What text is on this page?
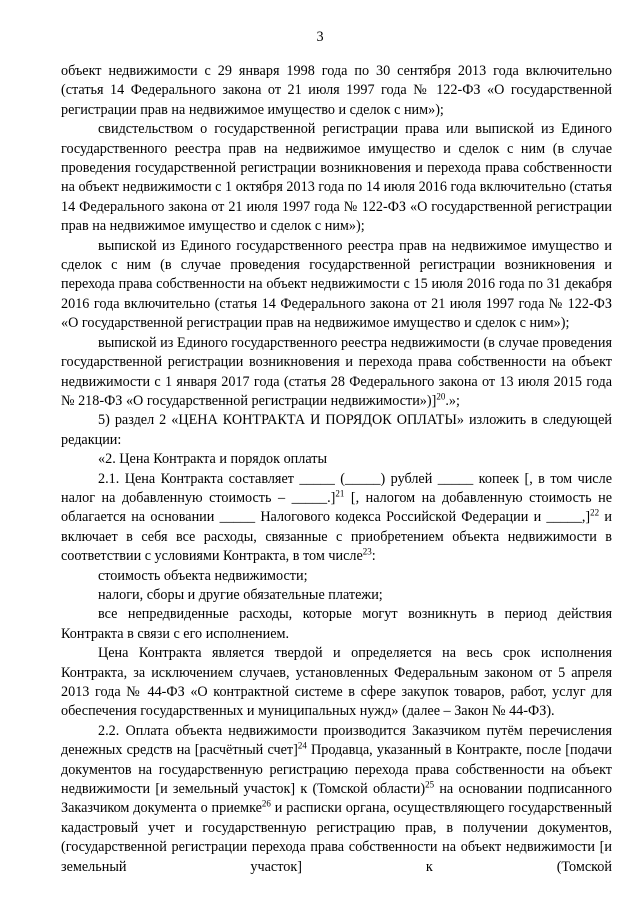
3

объект недвижимости с 29 января 1998 года по 30 сентября 2013 года включительно (статья 14 Федерального закона от 21 июля 1997 года № 122-ФЗ «О государственной регистрации прав на недвижимое имущество и сделок с ним»);

свидстельством о государственной регистрации права или выпиской из Единого государственного реестра прав на недвижимое имущество и сделок с ним (в случае проведения государственной регистрации возникновения и перехода права собственности на объект недвижимости с 1 октября 2013 года по 14 июля 2016 года включительно (статья 14 Федерального закона от 21 июля 1997 года № 122-ФЗ «О государственной регистрации прав на недвижимое имущество и сделок с ним»);

выпиской из Единого государственного реестра прав на недвижимое имущество и сделок с ним (в случае проведения государственной регистрации возникновения и перехода права собственности на объект недвижимости с 15 июля 2016 года по 31 декабря 2016 года включительно (статья 14 Федерального закона от 21 июля 1997 года № 122-ФЗ «О государственной регистрации прав на недвижимое имущество и сделок с ним»);

выпиской из Единого государственного реестра недвижимости (в случае проведения государственной регистрации возникновения и перехода права собственности на объект недвижимости с 1 января 2017 года (статья 28 Федерального закона от 13 июля 2015 года № 218-ФЗ «О государственной регистрации недвижимости»)]$^{20}$.»;

5) раздел 2 «ЦЕНА КОНТРАКТА И ПОРЯДОК ОПЛАТЫ» изложить в следующей редакции:

«2. Цена Контракта и порядок оплаты

2.1. Цена Контракта составляет _____ (_____) рублей _____ копеек [, в том числе налог на добавленную стоимость – _____.]$^{21}$ [, налогом на добавленную стоимость не облагается на основании _____ Налогового кодекса Российской Федерации и _____,]$^{22}$ и включает в себя все расходы, связанные с приобретением объекта недвижимости в соответствии с условиями Контракта, в том числе$^{23}$:

стоимость объекта недвижимости;

налоги, сборы и другие обязательные платежи;

все непредвиденные расходы, которые могут возникнуть в период действия Контракта в связи с его исполнением.

Цена Контракта является твердой и определяется на весь срок исполнения Контракта, за исключением случаев, установленных Федеральным законом от 5 апреля 2013 года № 44-ФЗ «О контрактной системе в сфере закупок товаров, работ, услуг для обеспечения государственных и муниципальных нужд» (далее – Закон № 44-ФЗ).

2.2. Оплата объекта недвижимости производится Заказчиком путём перечисления денежных средств на [расчётный счет]$^{24}$ Продавца, указанный в Контракте, после [подачи документов на государственную регистрацию перехода права собственности на объект недвижимости [и земельный участок] к (Томской области)$^{25}$ на основании подписанного Заказчиком документа о приемке$^{26}$ и расписки органа, осуществляющего государственный кадастровый учет и государственную регистрацию прав, в получении документов, (государственной регистрации перехода права собственности на объект недвижимости [и земельный участок] к (Томской
